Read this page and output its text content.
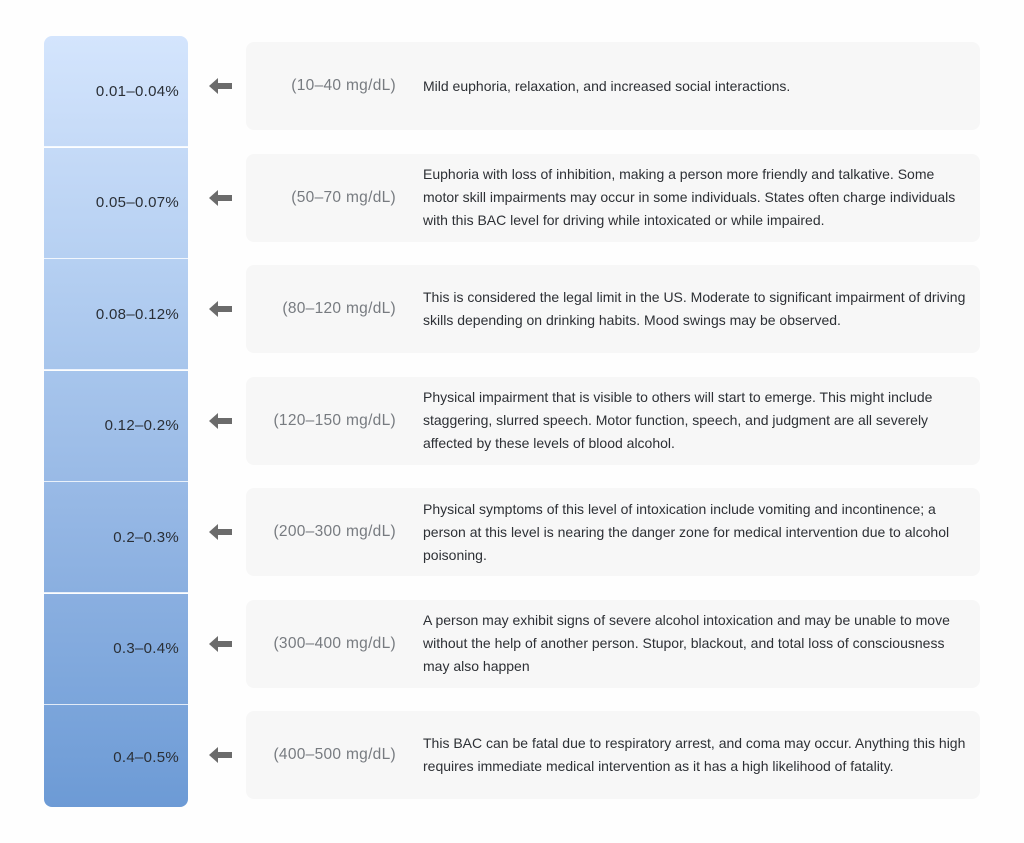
0.01–0.04%
0.05–0.07%
0.08–0.12%
0.12–0.2%
0.2–0.3%
0.3–0.4%
0.4–0.5%
(10–40 mg/dL) Mild euphoria, relaxation, and increased social interactions.
(50–70 mg/dL)
Euphoria with loss of inhibition, making a person more friendly and talkative. Some motor skill impairments may occur in some individuals. States often charge individuals with this BAC level for driving while intoxicated or while impaired.
(80–120 mg/dL)
This is considered the legal limit in the US. Moderate to significant impairment of driving skills depending on drinking habits. Mood swings may be observed.
(120–150 mg/dL)
Physical impairment that is visible to others will start to emerge. This might include staggering, slurred speech. Motor function, speech, and judgment are all severely affected by these levels of blood alcohol.
(200–300 mg/dL)
Physical symptoms of this level of intoxication include vomiting and incontinence; a person at this level is nearing the danger zone for medical intervention due to alcohol poisoning.
(300–400 mg/dL)
A person may exhibit signs of severe alcohol intoxication and may be unable to move without the help of another person. Stupor, blackout, and total loss of consciousness may also happen
(400–500 mg/dL)
This BAC can be fatal due to respiratory arrest, and coma may occur. Anything this high requires immediate medical intervention as it has a high likelihood of fatality.
